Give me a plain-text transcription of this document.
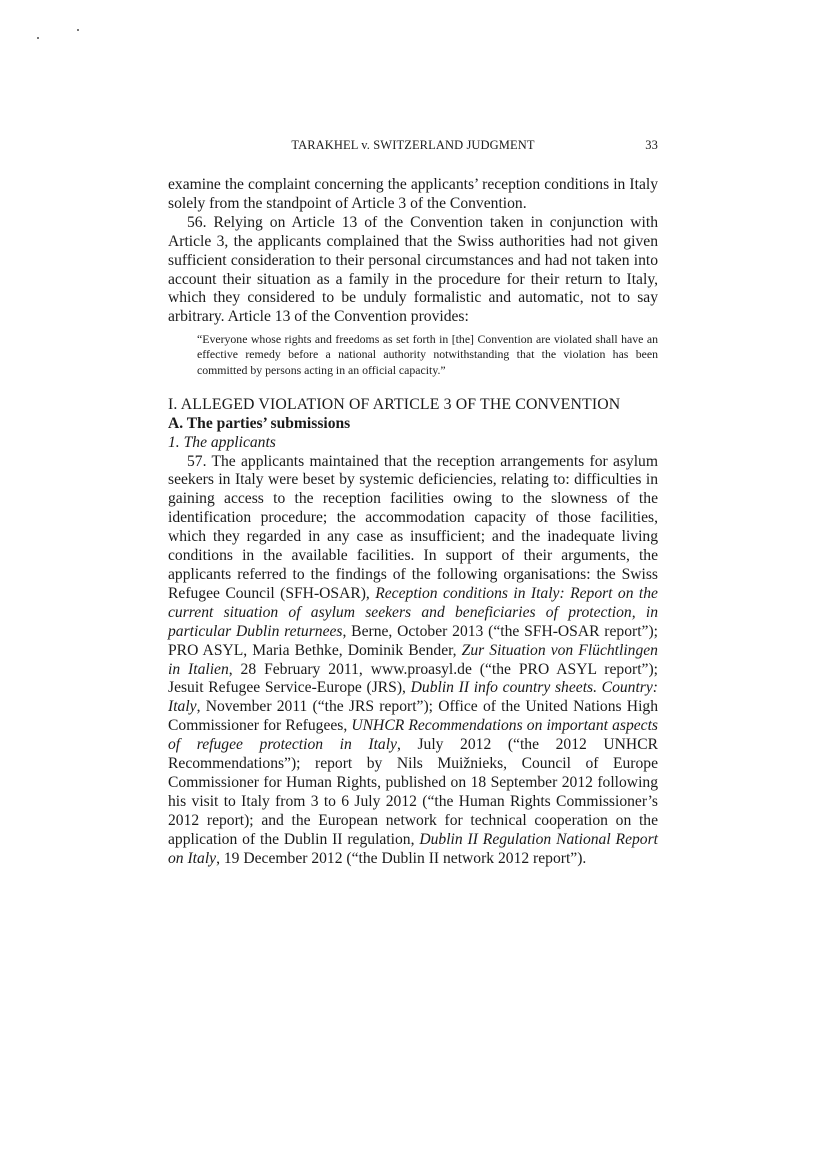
TARAKHEL v. SWITZERLAND JUDGMENT	33

examine the complaint concerning the applicants’ reception conditions in Italy solely from the standpoint of Article 3 of the Convention.

56. Relying on Article 13 of the Convention taken in conjunction with Article 3, the applicants complained that the Swiss authorities had not given sufficient consideration to their personal circumstances and had not taken into account their situation as a family in the procedure for their return to Italy, which they considered to be unduly formalistic and automatic, not to say arbitrary. Article 13 of the Convention provides:

“Everyone whose rights and freedoms as set forth in [the] Convention are violated shall have an effective remedy before a national authority notwithstanding that the violation has been committed by persons acting in an official capacity.”

I. ALLEGED VIOLATION OF ARTICLE 3 OF THE CONVENTION

A. The parties’ submissions

1. The applicants

57. The applicants maintained that the reception arrangements for asylum seekers in Italy were beset by systemic deficiencies, relating to: difficulties in gaining access to the reception facilities owing to the slowness of the identification procedure; the accommodation capacity of those facilities, which they regarded in any case as insufficient; and the inadequate living conditions in the available facilities. In support of their arguments, the applicants referred to the findings of the following organisations: the Swiss Refugee Council (SFH-OSAR), Reception conditions in Italy: Report on the current situation of asylum seekers and beneficiaries of protection, in particular Dublin returnees, Berne, October 2013 (“the SFH-OSAR report”); PRO ASYL, Maria Bethke, Dominik Bender, Zur Situation von Flüchtlingen in Italien, 28 February 2011, www.proasyl.de (“the PRO ASYL report”); Jesuit Refugee Service-Europe (JRS), Dublin II info country sheets. Country: Italy, November 2011 (“the JRS report”); Office of the United Nations High Commissioner for Refugees, UNHCR Recommendations on important aspects of refugee protection in Italy, July 2012 (“the 2012 UNHCR Recommendations”); report by Nils Muižnieks, Council of Europe Commissioner for Human Rights, published on 18 September 2012 following his visit to Italy from 3 to 6 July 2012 (“the Human Rights Commissioner’s 2012 report); and the European network for technical cooperation on the application of the Dublin II regulation, Dublin II Regulation National Report on Italy, 19 December 2012 (“the Dublin II network 2012 report”).
